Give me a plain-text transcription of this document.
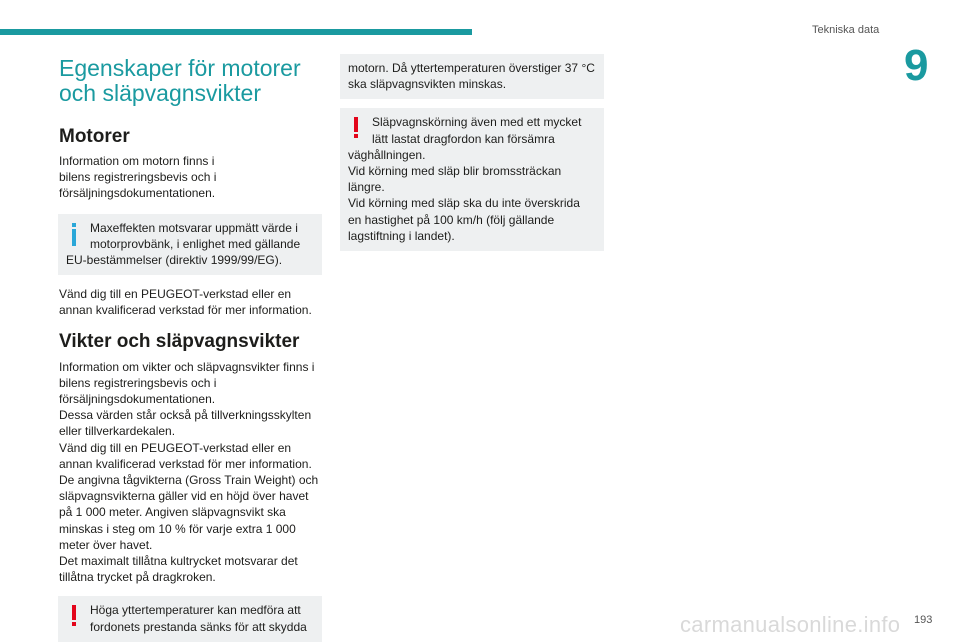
Tekniska data
9
Egenskaper för motorer
och släpvagnsvikter
Motorer

Information om motorn finns i bilens registreringsbevis och i försäljningsdokumentationen.

Maxeffekten motsvarar uppmätt värde i motorprovbänk, i enlighet med gällande
EU-bestämmelser (direktiv 1999/99/EG).

Vänd dig till en PEUGEOT-verkstad eller en annan kvalificerad verkstad för mer information.

Vikter och släpvagnsvikter

Information om vikter och släpvagnsvikter finns i bilens registreringsbevis och i försäljningsdokumentationen.

Dessa värden står också på tillverkningsskylten eller tillverkardekalen.

Vänd dig till en PEUGEOT-verkstad eller en annan kvalificerad verkstad för mer information.

De angivna tågvikterna (Gross Train Weight) och släpvagnsvikterna gäller vid en höjd över havet på 1 000 meter. Angiven släpvagnsvikt ska minskas i steg om 10 % för varje extra 1 000 meter över havet.

Det maximalt tillåtna kultrycket motsvarar det tillåtna trycket på dragkroken.

Höga yttertemperaturer kan medföra att fordonets prestanda sänks för att skydda
motorn. Då yttertemperaturen överstiger 37 °C ska släpvagnsvikten minskas.
Släpvagnskörning även med ett mycket lätt lastat dragfordon kan försämra
väghållningen.
Vid körning med släp blir bromssträckan längre.
Vid körning med släp ska du inte överskrida en hastighet på 100 km/h (följ gällande lagstiftning i landet).
carmanualsonline.info 193
